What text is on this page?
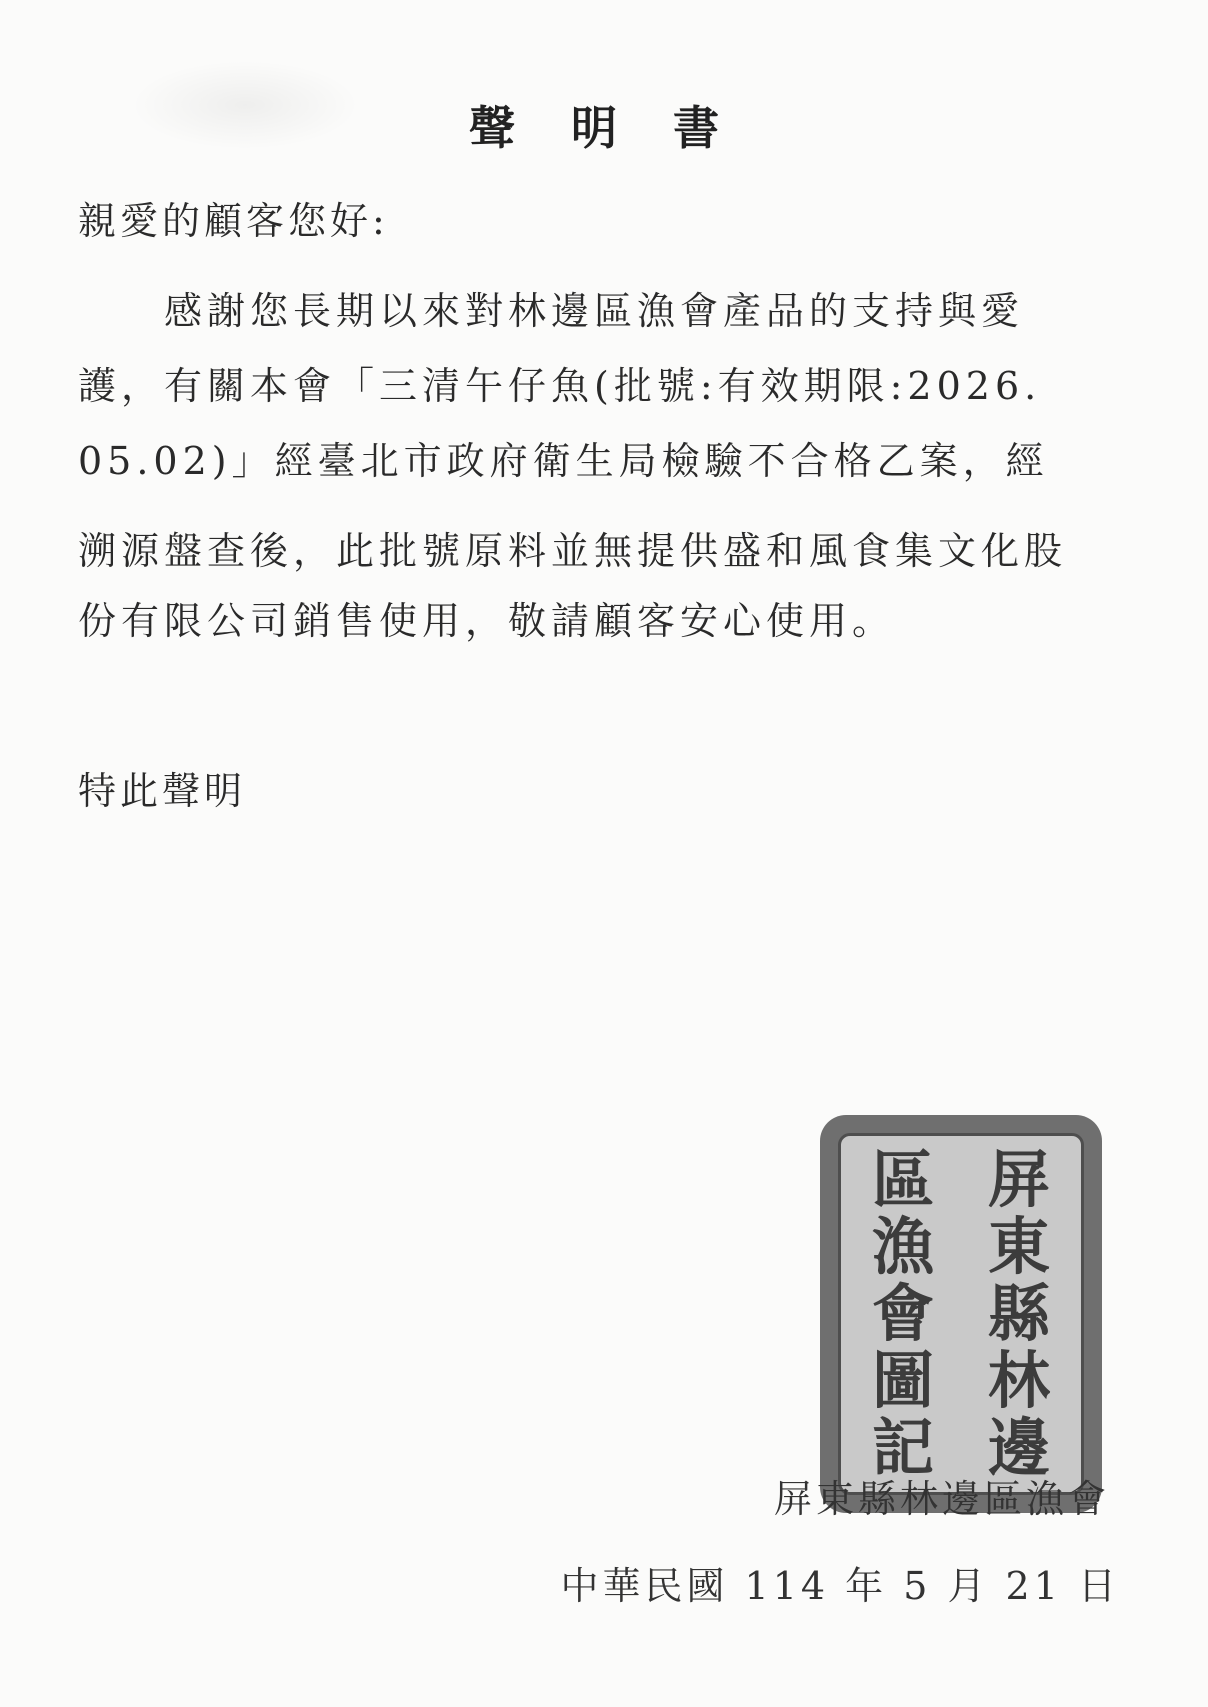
聲 明 書
親愛的顧客您好:
感謝您長期以來對林邊區漁會產品的支持與愛
護，有關本會「三清午仔魚(批號:有效期限:2026.
05.02)」經臺北市政府衛生局檢驗不合格乙案，經
溯源盤查後，此批號原料並無提供盛和風食集文化股
份有限公司銷售使用，敬請顧客安心使用。
特此聲明
屏
東
縣
林
邊
區
漁
會
圖
記
屏東縣林邊區漁會
中華民國 114 年 5 月 21 日
